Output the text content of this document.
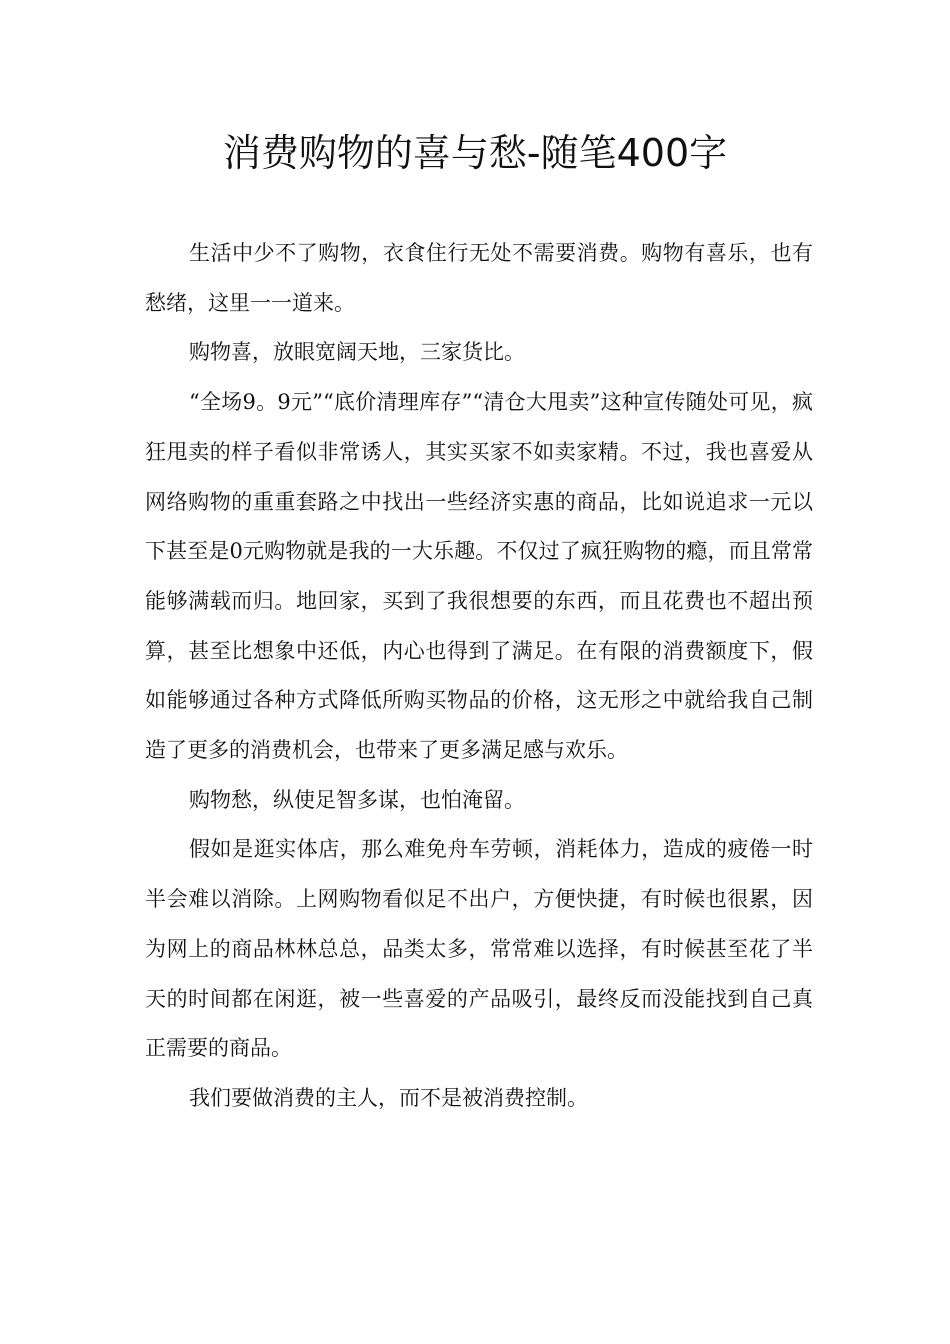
消费购物的喜与愁-随笔400字

生活中少不了购物，衣食住行无处不需要消费。购物有喜乐，也有愁绪，这里一一道来。

购物喜，放眼宽阔天地，三家货比。

“全场9。9元”“底价清理库存”“清仓大甩卖”这种宣传随处可见，疯狂甩卖的样子看似非常诱人，其实买家不如卖家精。不过，我也喜爱从网络购物的重重套路之中找出一些经济实惠的商品，比如说追求一元以下甚至是0元购物就是我的一大乐趣。不仅过了疯狂购物的瘾，而且常常能够满载而归。地回家，买到了我很想要的东西，而且花费也不超出预算，甚至比想象中还低，内心也得到了满足。在有限的消费额度下，假如能够通过各种方式降低所购买物品的价格，这无形之中就给我自己制造了更多的消费机会，也带来了更多满足感与欢乐。

购物愁，纵使足智多谋，也怕淹留。

假如是逛实体店，那么难免舟车劳顿，消耗体力，造成的疲倦一时半会难以消除。上网购物看似足不出户，方便快捷，有时候也很累，因为网上的商品林林总总，品类太多，常常难以选择，有时候甚至花了半天的时间都在闲逛，被一些喜爱的产品吸引，最终反而没能找到自己真正需要的商品。

我们要做消费的主人，而不是被消费控制。
